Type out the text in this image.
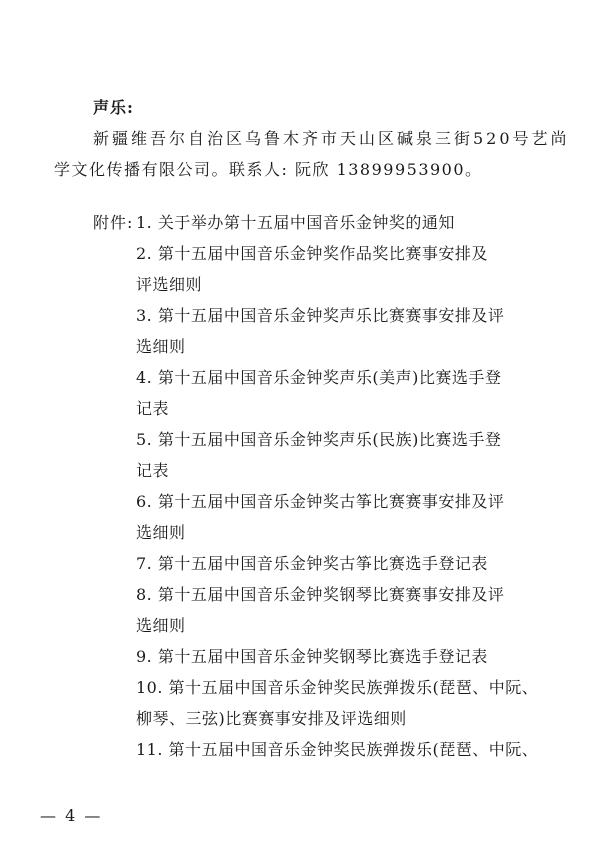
声乐:
新疆维吾尔自治区乌鲁木齐市天山区碱泉三街520号艺尚
学文化传播有限公司。联系人: 阮欣 13899953900。
附件: 1. 关于举办第十五届中国音乐金钟奖的通知
2. 第十五届中国音乐金钟奖作品奖比赛事安排及
评选细则
3. 第十五届中国音乐金钟奖声乐比赛赛事安排及评
选细则
4. 第十五届中国音乐金钟奖声乐(美声)比赛选手登
记表
5. 第十五届中国音乐金钟奖声乐(民族)比赛选手登
记表
6. 第十五届中国音乐金钟奖古筝比赛赛事安排及评
选细则
7. 第十五届中国音乐金钟奖古筝比赛选手登记表
8. 第十五届中国音乐金钟奖钢琴比赛赛事安排及评
选细则
9. 第十五届中国音乐金钟奖钢琴比赛选手登记表
10. 第十五届中国音乐金钟奖民族弹拨乐(琵琶、中阮、
柳琴、三弦)比赛赛事安排及评选细则
11. 第十五届中国音乐金钟奖民族弹拨乐(琵琶、中阮、
— 4 —
